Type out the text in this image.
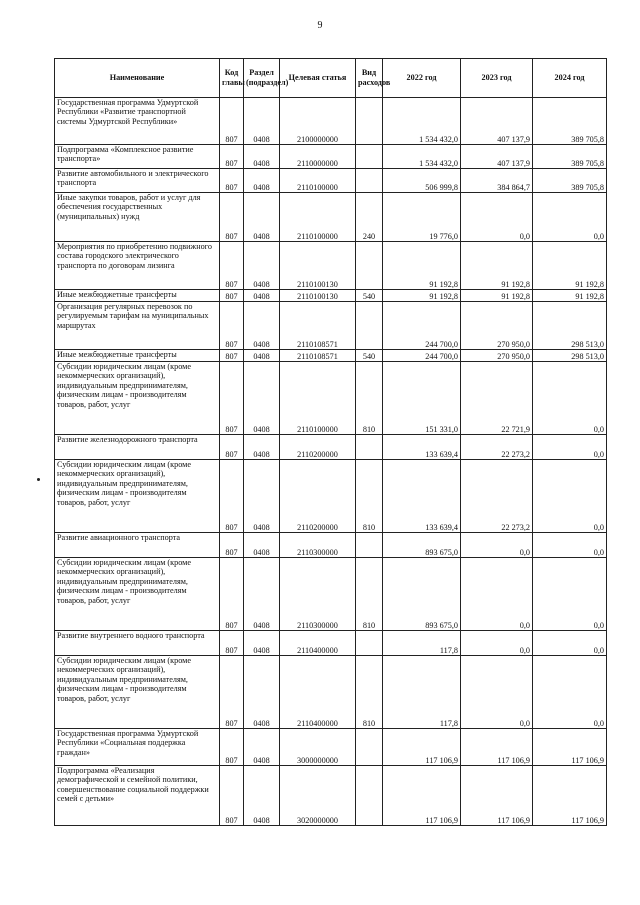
9
Наименование	Код главы	Раздел (подраздел)	Целевая статья	Вид расходов	2022 год	2023 год	2024 год
Государственная программа Удмуртской Республики «Развитие транспортной системы Удмуртской Республики»	807	0408	2100000000		1 534 432,0	407 137,9	389 705,8
Подпрограмма «Комплексное развитие транспорта»	807	0408	2110000000		1 534 432,0	407 137,9	389 705,8
Развитие автомобильного и электрического транспорта	807	0408	2110100000		506 999,8	384 864,7	389 705,8
Иные закупки товаров, работ и услуг для обеспечения государственных (муниципальных) нужд	807	0408	2110100000	240	19 776,0	0,0	0,0
Мероприятия по приобретению подвижного состава городского электрического транспорта по договорам лизинга	807	0408	2110100130		91 192,8	91 192,8	91 192,8
Иные межбюджетные трансферты	807	0408	2110100130	540	91 192,8	91 192,8	91 192,8
Организация регулярных перевозок по регулируемым тарифам на муниципальных маршрутах	807	0408	2110108571		244 700,0	270 950,0	298 513,0
Иные межбюджетные трансферты	807	0408	2110108571	540	244 700,0	270 950,0	298 513,0
Субсидии юридическим лицам (кроме некоммерческих организаций), индивидуальным предпринимателям, физическим лицам - производителям товаров, работ, услуг	807	0408	2110100000	810	151 331,0	22 721,9	0,0
Развитие железнодорожного транспорта	807	0408	2110200000		133 639,4	22 273,2	0,0
Субсидии юридическим лицам (кроме некоммерческих организаций), индивидуальным предпринимателям, физическим лицам - производителям товаров, работ, услуг	807	0408	2110200000	810	133 639,4	22 273,2	0,0
Развитие авиационного транспорта	807	0408	2110300000		893 675,0	0,0	0,0
Субсидии юридическим лицам (кроме некоммерческих организаций), индивидуальным предпринимателям, физическим лицам - производителям товаров, работ, услуг	807	0408	2110300000	810	893 675,0	0,0	0,0
Развитие внутреннего водного транспорта	807	0408	2110400000		117,8	0,0	0,0
Субсидии юридическим лицам (кроме некоммерческих организаций), индивидуальным предпринимателям, физическим лицам - производителям товаров, работ, услуг	807	0408	2110400000	810	117,8	0,0	0,0
Государственная программа Удмуртской Республики «Социальная поддержка граждан»	807	0408	3000000000		117 106,9	117 106,9	117 106,9
Подпрограмма «Реализация демографической и семейной политики, совершенствование социальной поддержки семей с детьми»	807	0408	3020000000		117 106,9	117 106,9	117 106,9
